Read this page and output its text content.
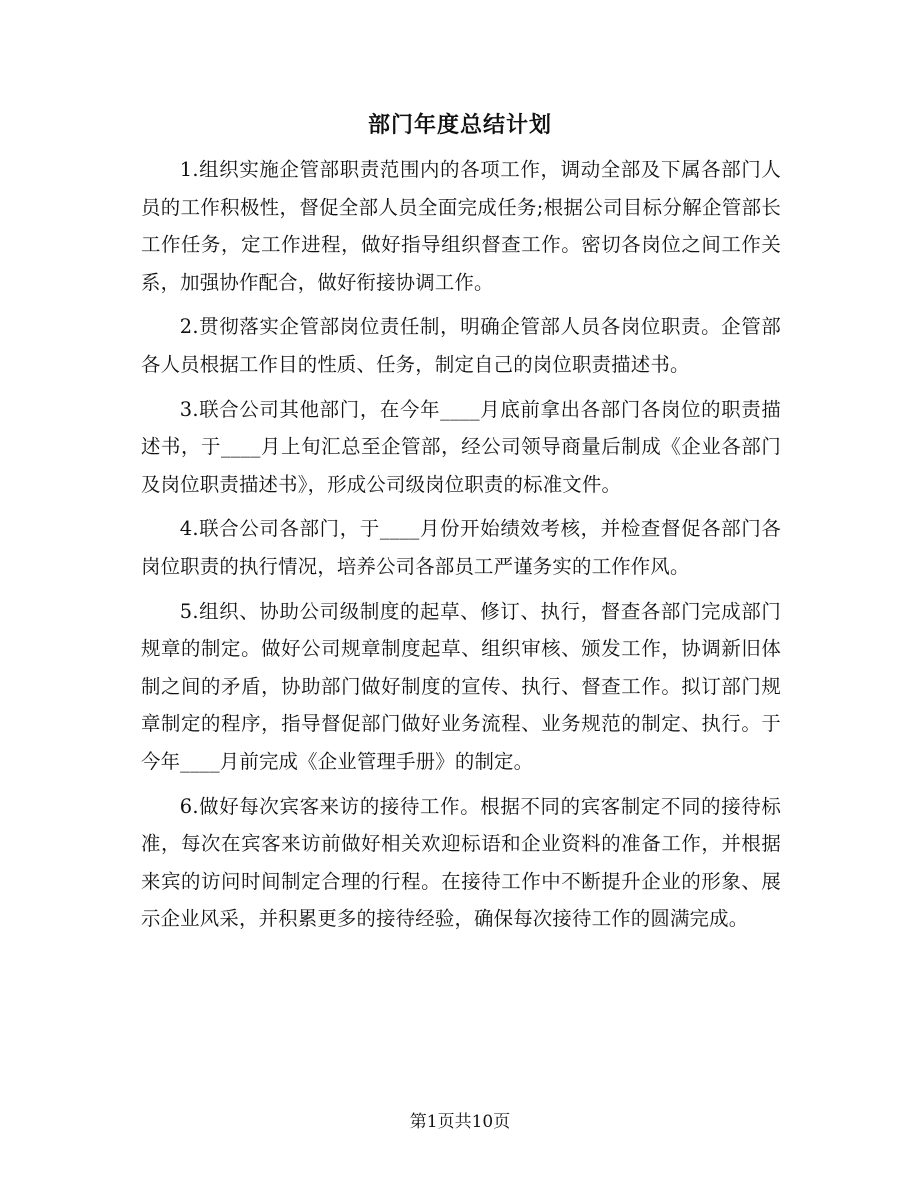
部门年度总结计划

1.组织实施企管部职责范围内的各项工作，调动全部及下属各部门人员的工作积极性，督促全部人员全面完成任务;根据公司目标分解企管部长工作任务，定工作进程，做好指导组织督查工作。密切各岗位之间工作关系，加强协作配合，做好衔接协调工作。

2.贯彻落实企管部岗位责任制，明确企管部人员各岗位职责。企管部各人员根据工作目的性质、任务，制定自己的岗位职责描述书。

3.联合公司其他部门，在今年____月底前拿出各部门各岗位的职责描述书，于____月上旬汇总至企管部，经公司领导商量后制成《企业各部门及岗位职责描述书》，形成公司级岗位职责的标准文件。

4.联合公司各部门，于____月份开始绩效考核，并检查督促各部门各岗位职责的执行情况，培养公司各部员工严谨务实的工作作风。

5.组织、协助公司级制度的起草、修订、执行，督查各部门完成部门规章的制定。做好公司规章制度起草、组织审核、颁发工作，协调新旧体制之间的矛盾，协助部门做好制度的宣传、执行、督查工作。拟订部门规章制定的程序，指导督促部门做好业务流程、业务规范的制定、执行。于今年____月前完成《企业管理手册》的制定。

6.做好每次宾客来访的接待工作。根据不同的宾客制定不同的接待标准，每次在宾客来访前做好相关欢迎标语和企业资料的准备工作，并根据来宾的访问时间制定合理的行程。在接待工作中不断提升企业的形象、展示企业风采，并积累更多的接待经验，确保每次接待工作的圆满完成。

第1页共10页
